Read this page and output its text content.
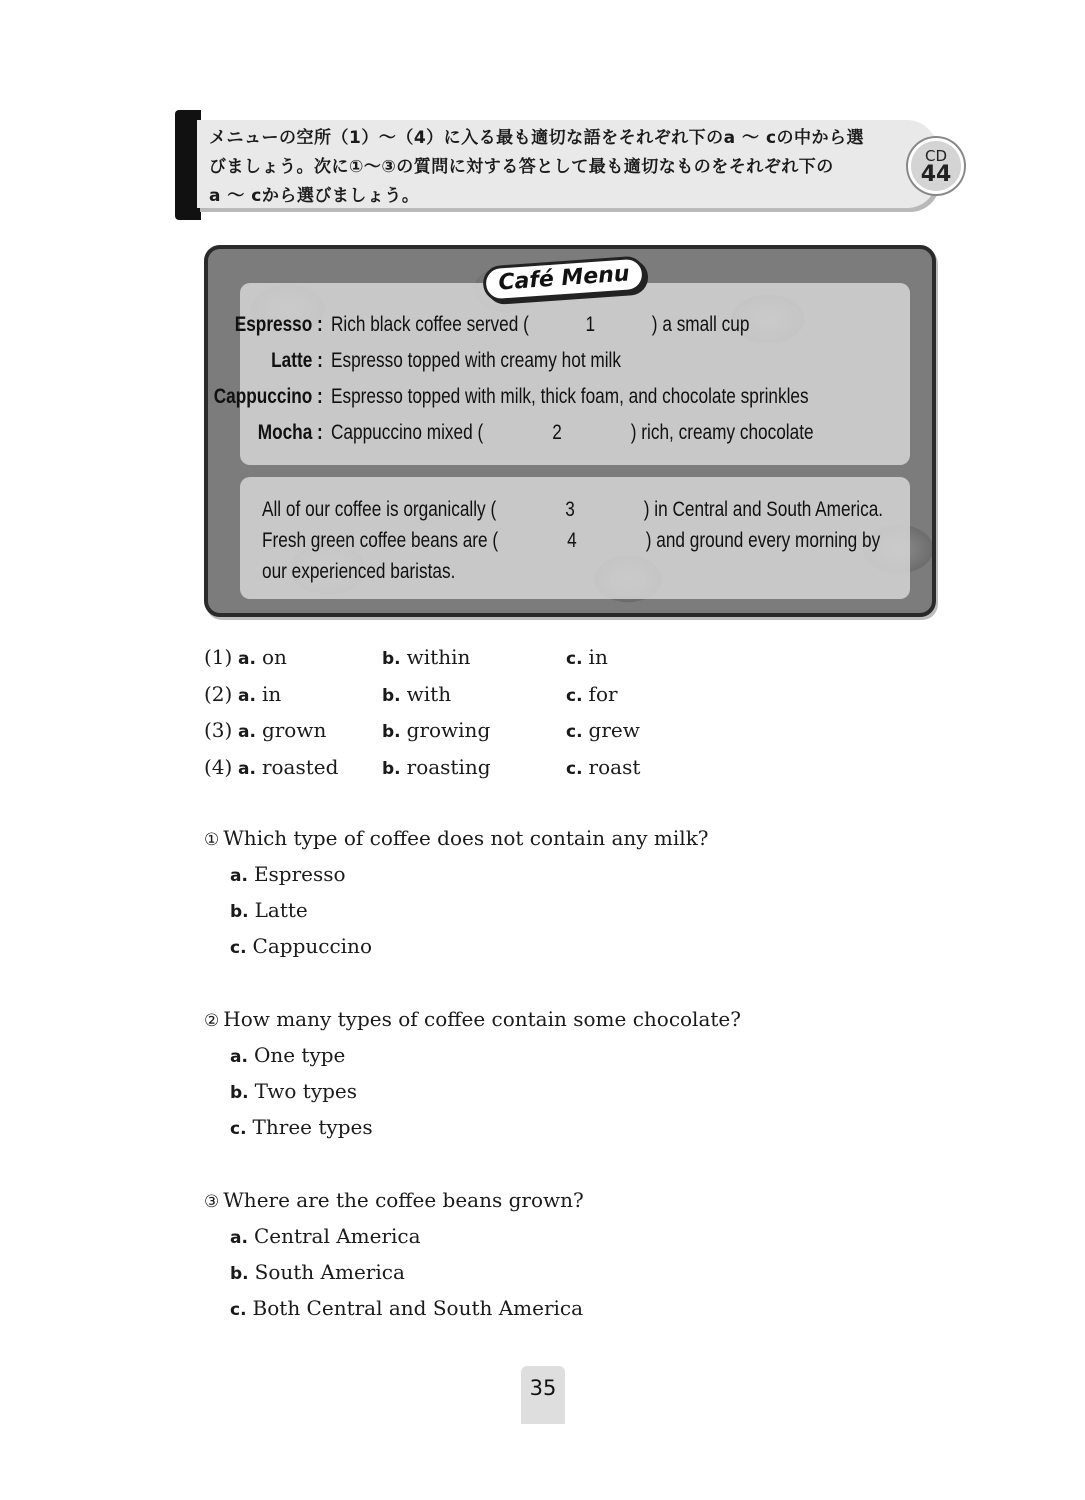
メニューの空所（1）～（4）に入る最も適切な語をそれぞれ下のa ～ cの中から選
びましょう。次に①～③の質問に対する答として最も適切なものをそれぞれ下の
a ～ cから選びましょう。
CD
44
Café Menu
Espresso : Rich black coffee served (	1	) a small cup
Latte : Espresso topped with creamy hot milk
Cappuccino : Espresso topped with milk, thick foam, and chocolate sprinkles
Mocha : Cappuccino mixed (	2	) rich, creamy chocolate
All of our coffee is organically (	3	) in Central and South America.
Fresh green coffee beans are (	4	) and ground every morning by
our experienced baristas.
(1) a. on	b. within	c. in
(2) a. in	b. with	c. for
(3) a. grown	b. growing	c. grew
(4) a. roasted	b. roasting	c. roast
① Which type of coffee does not contain any milk?
a. Espresso
b. Latte
c. Cappuccino
② How many types of coffee contain some chocolate?
a. One type
b. Two types
c. Three types
③ Where are the coffee beans grown?
a. Central America
b. South America
c. Both Central and South America
35
